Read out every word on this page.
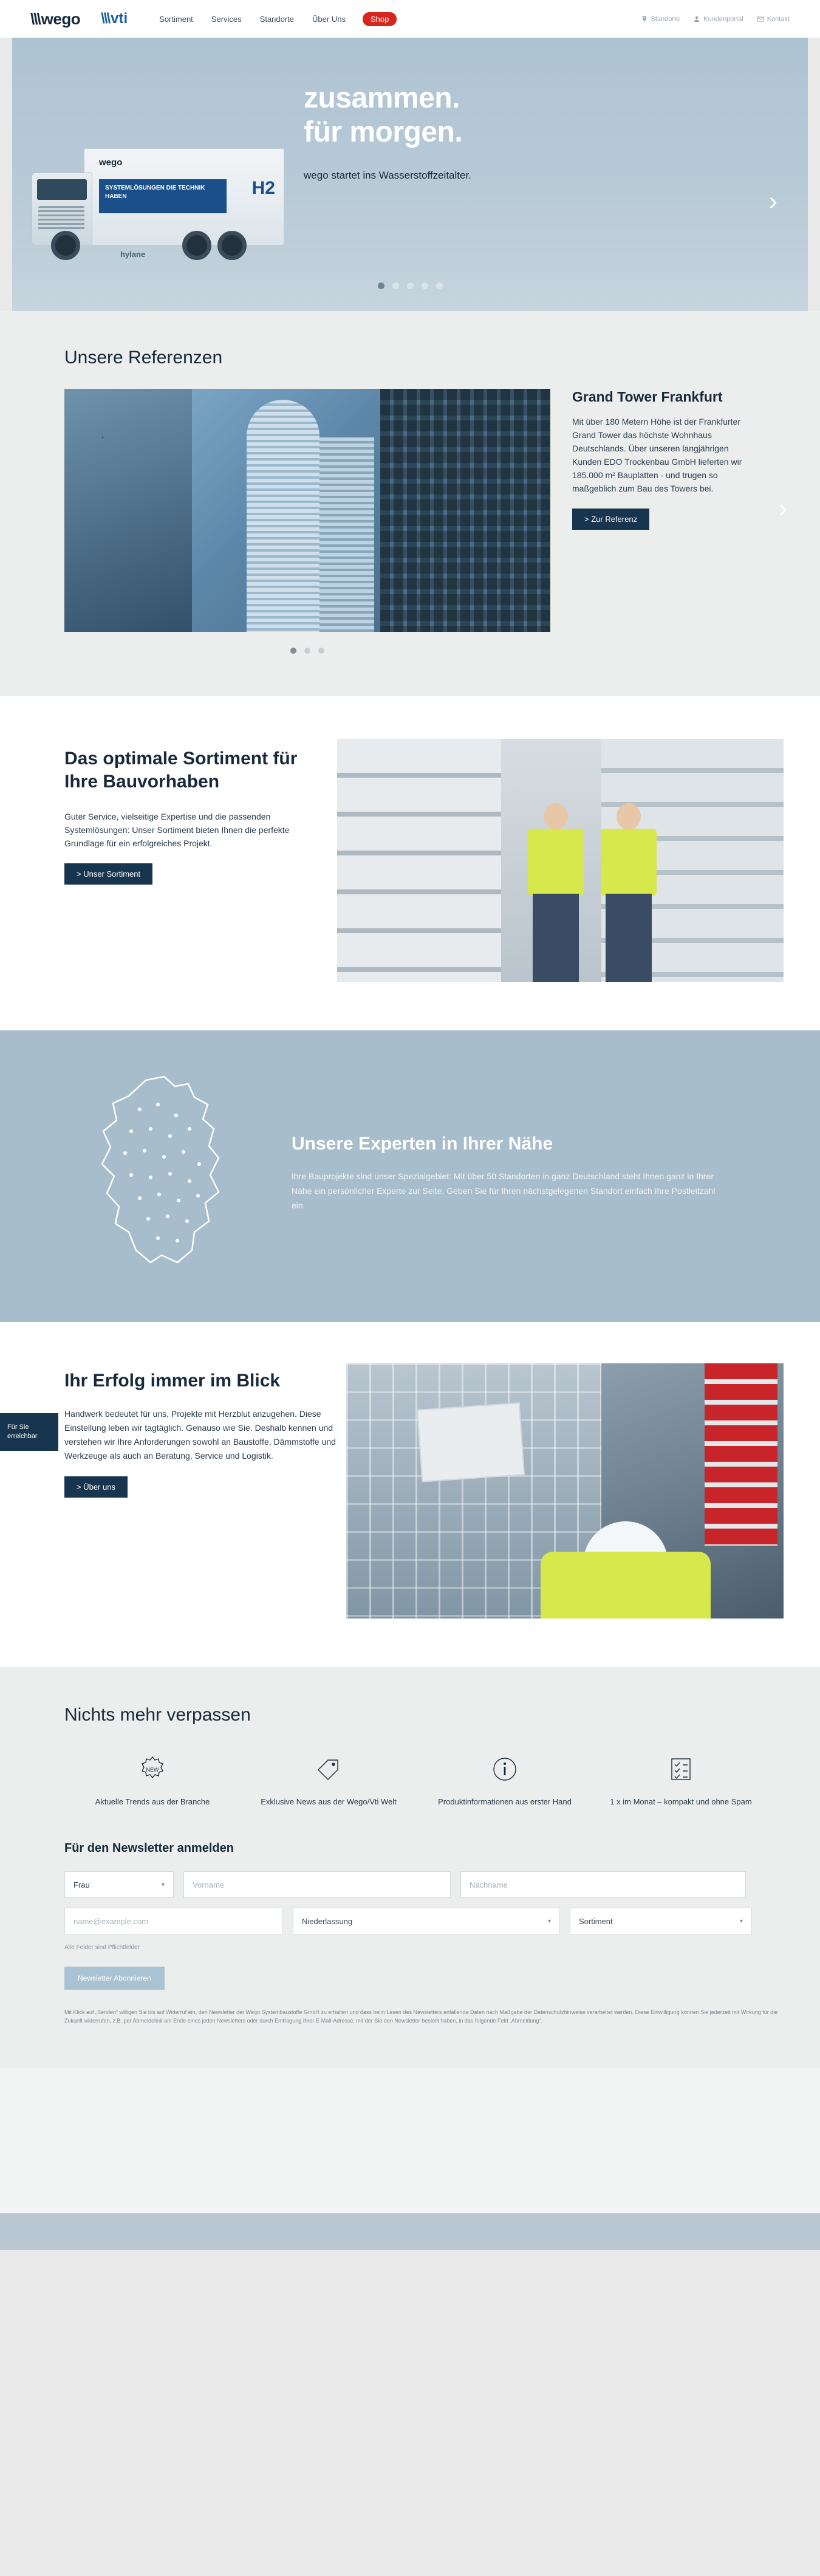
\\\ wego \\\ vti	Sortiment Services Standorte Über Uns	Shop	Standorte	Kundenportal	Kontakt
wego
SYSTEMLÖSUNGEN DIE TECHNIK HABEN	H2
hylane
zusammen.
für morgen.
wego startet ins Wasserstoffzeitalter.
›
Unsere Referenzen
Grand Tower Frankfurt

Mit über 180 Metern Höhe ist der Frankfurter Grand Tower das höchste Wohnhaus Deutschlands. Über unseren langjährigen Kunden EDO Trockenbau GmbH lieferten wir 185.000 m² Bauplatten - und trugen so maßgeblich zum Bau des Towers bei.

> Zur Referenz	›
Das optimale Sortiment für
Ihre Bauvorhaben

Guter Service, vielseitige Expertise und die passenden Systemlösungen: Unser Sortiment bieten Ihnen die perfekte Grundlage für ein erfolgreiches Projekt.

> Unser Sortiment
Unsere Experten in Ihrer Nähe

Ihre Bauprojekte sind unser Spezialgebiet: Mit über 50 Standorten in ganz Deutschland steht Ihnen ganz in Ihrer Nähe ein persönlicher Experte zur Seite. Geben Sie für Ihren nächstgelegenen Standort einfach Ihre Postleitzahl ein.

Für Sie erreichbar
Ihr Erfolg immer im Blick

Handwerk bedeutet für uns, Projekte mit Herzblut anzugehen. Diese Einstellung leben wir tagtäglich. Genauso wie Sie. Deshalb kennen und verstehen wir Ihre Anforderungen sowohl an Baustoffe, Dämmstoffe und Werkzeuge als auch an Beratung, Service und Logistik.

> Über uns
Nichts mehr verpassen
NEW

Aktuelle Trends aus der Branche	Exklusive News aus der Wego/Vti Welt	Produktinformationen aus erster Hand	1 x im Monat – kompakt und ohne Spam

Für den Newsletter anmelden
Frau	▾	Vorname	Nachname
name@example.com	Niederlassung	▾	Sortiment	▾
Alle Felder sind Pflichtfelder
Newsletter Abonnieren
Mit Klick auf „Senden“ willigen Sie bis auf Widerruf ein, den Newsletter der Wego Systembaustoffe GmbH zu erhalten und dass beim Lesen des Newsletters anfallende Daten nach Maßgabe der Datenschutzhinweise verarbeitet werden. Diese Einwilligung können Sie jederzeit mit Wirkung für die Zukunft widerrufen, z.B. per Abmeldelink am Ende eines jeden Newsletters oder durch Emfragung Ihrer E-Mail-Adresse, mit der Sie den Newsletter bestellt haben, in das folgende Feld „Abmeldung“.
